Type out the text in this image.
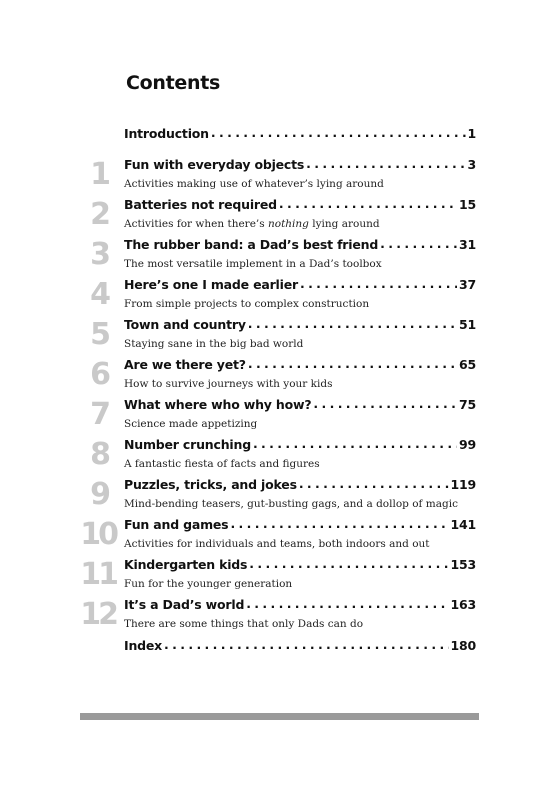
Contents
Introduction . . .	1
1 Fun with everyday objects . . .	3
Activities making use of whatever’s lying around
2 Batteries not required . . .	15
Activities for when there’s nothing lying around
3 The rubber band: a Dad’s best friend . . .	31
The most versatile implement in a Dad’s toolbox
4 Here’s one I made earlier . . .	37
From simple projects to complex construction
5 Town and country . . .	51
Staying sane in the big bad world
6 Are we there yet? . . .	65
How to survive journeys with your kids
7 What where who why how? . . .	75
Science made appetizing
8 Number crunching . . .	99
A fantastic fiesta of facts and figures
9 Puzzles, tricks, and jokes . . .	119
Mind-bending teasers, gut-busting gags, and a dollop of magic
10 Fun and games . . .	141
Activities for individuals and teams, both indoors and out
11 Kindergarten kids . . .	153
Fun for the younger generation
12 It’s a Dad’s world . . .	163
There are some things that only Dads can do
Index . . .	180
